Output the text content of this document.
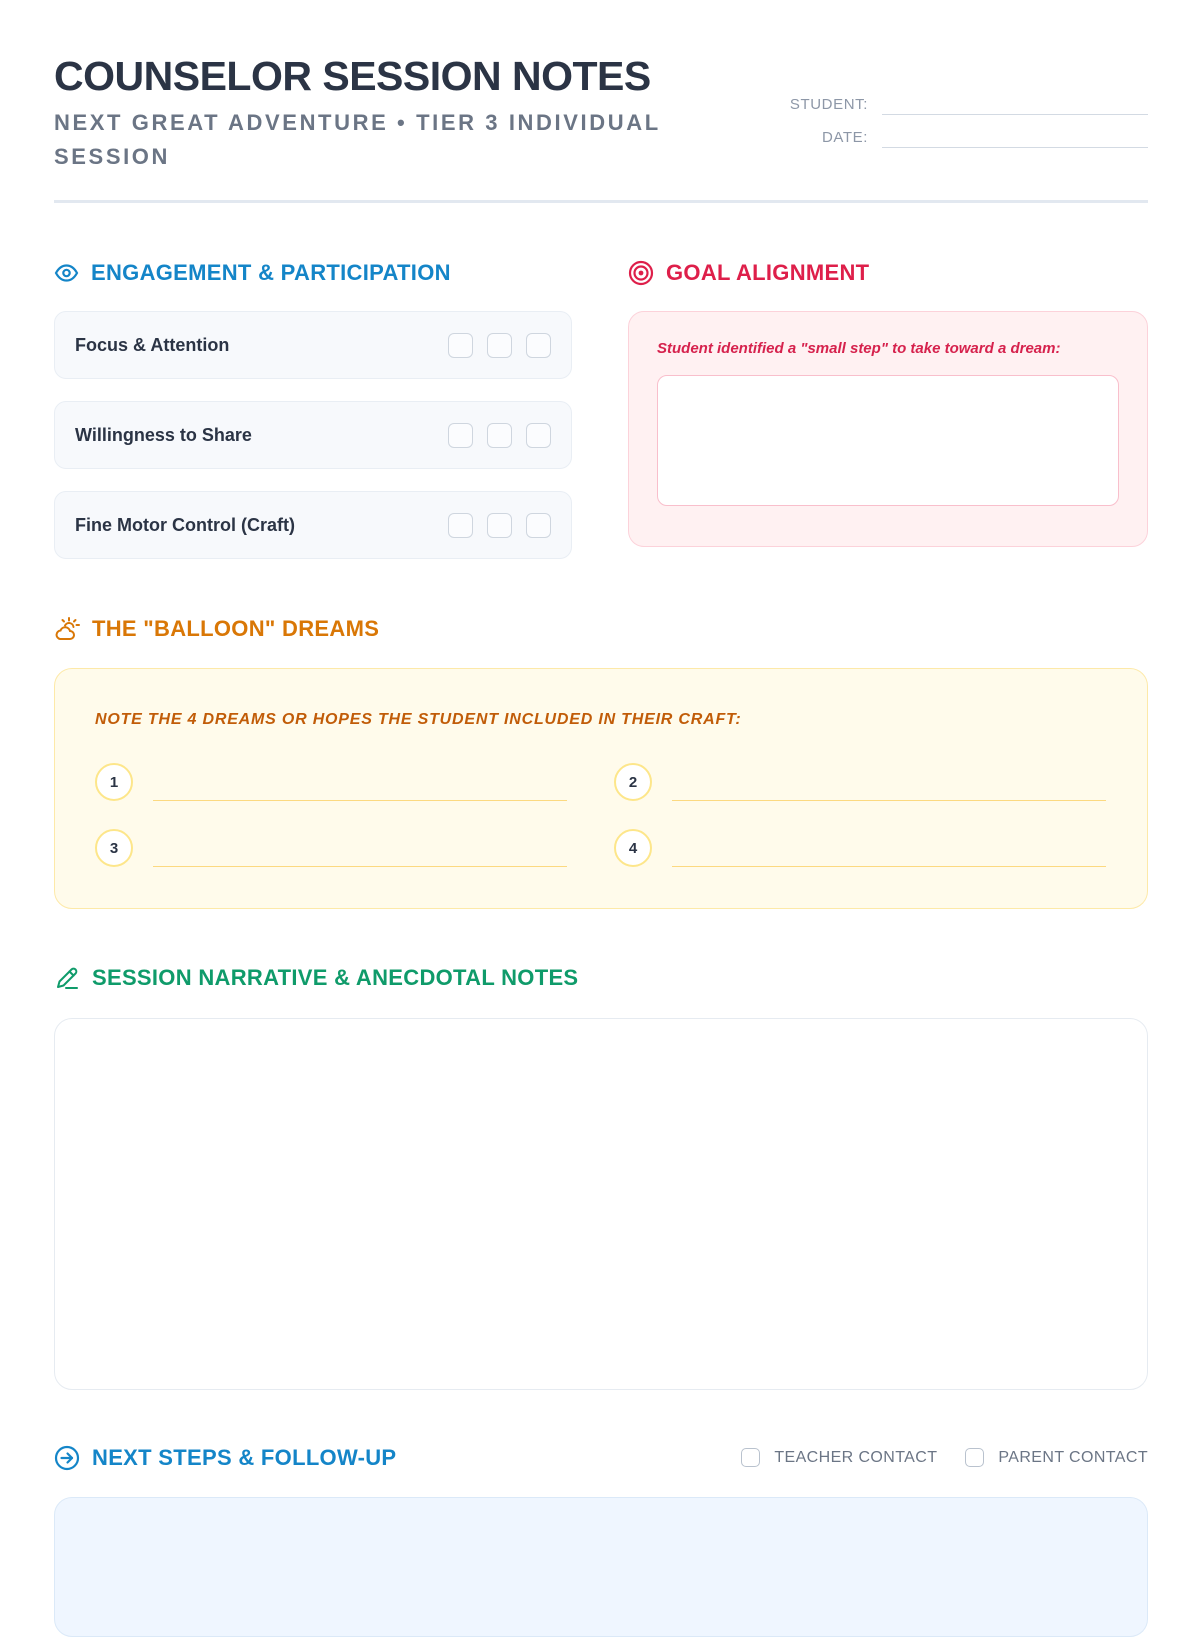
COUNSELOR SESSION NOTES
NEXT GREAT ADVENTURE • TIER 3 INDIVIDUAL SESSION
STUDENT:
DATE:
ENGAGEMENT & PARTICIPATION
Focus & Attention
Willingness to Share
Fine Motor Control (Craft)
GOAL ALIGNMENT
Student identified a "small step" to take toward a dream:
THE "BALLOON" DREAMS
NOTE THE 4 DREAMS OR HOPES THE STUDENT INCLUDED IN THEIR CRAFT:
1	2
3	4
SESSION NARRATIVE & ANECDOTAL NOTES
NEXT STEPS & FOLLOW-UP	TEACHER CONTACT	PARENT CONTACT
